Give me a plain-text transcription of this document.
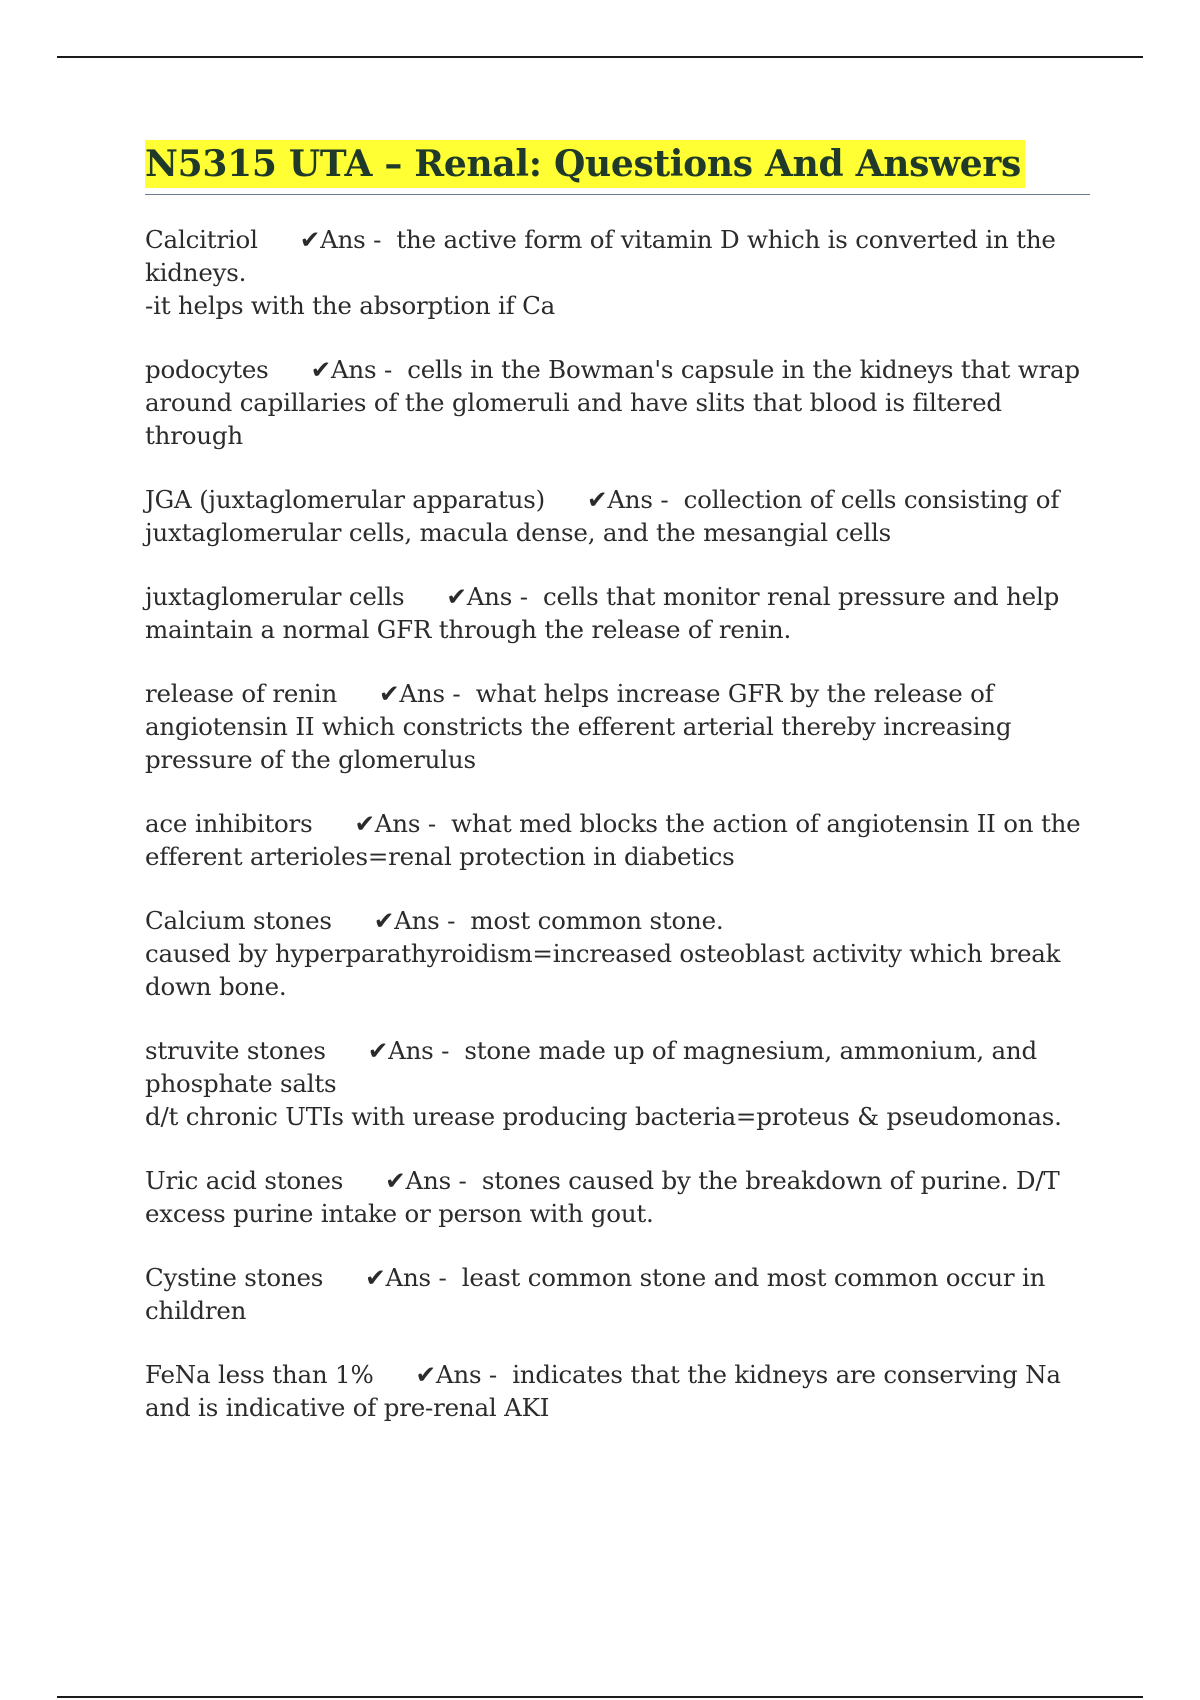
N5315 UTA – Renal: Questions And Answers
Calcitriol ✔Ans -  the active form of vitamin D which is converted in the kidneys.
-it helps with the absorption if Ca
podocytes ✔Ans -  cells in the Bowman's capsule in the kidneys that wrap around capillaries of the glomeruli and have slits that blood is filtered through
JGA (juxtaglomerular apparatus) ✔Ans -  collection of cells consisting of juxtaglomerular cells, macula dense, and the mesangial cells
juxtaglomerular cells ✔Ans -  cells that monitor renal pressure and help maintain a normal GFR through the release of renin.
release of renin ✔Ans -  what helps increase GFR by the release of angiotensin II which constricts the efferent arterial thereby increasing pressure of the glomerulus
ace inhibitors ✔Ans -  what med blocks the action of angiotensin II on the efferent arterioles=renal protection in diabetics
Calcium stones ✔Ans -  most common stone.
caused by hyperparathyroidism=increased osteoblast activity which break down bone.
struvite stones ✔Ans -  stone made up of magnesium, ammonium, and phosphate salts
d/t chronic UTIs with urease producing bacteria=proteus & pseudomonas.
Uric acid stones ✔Ans -  stones caused by the breakdown of purine. D/T excess purine intake or person with gout.
Cystine stones ✔Ans -  least common stone and most common occur in children
FeNa less than 1% ✔Ans -  indicates that the kidneys are conserving Na and is indicative of pre-renal AKI
